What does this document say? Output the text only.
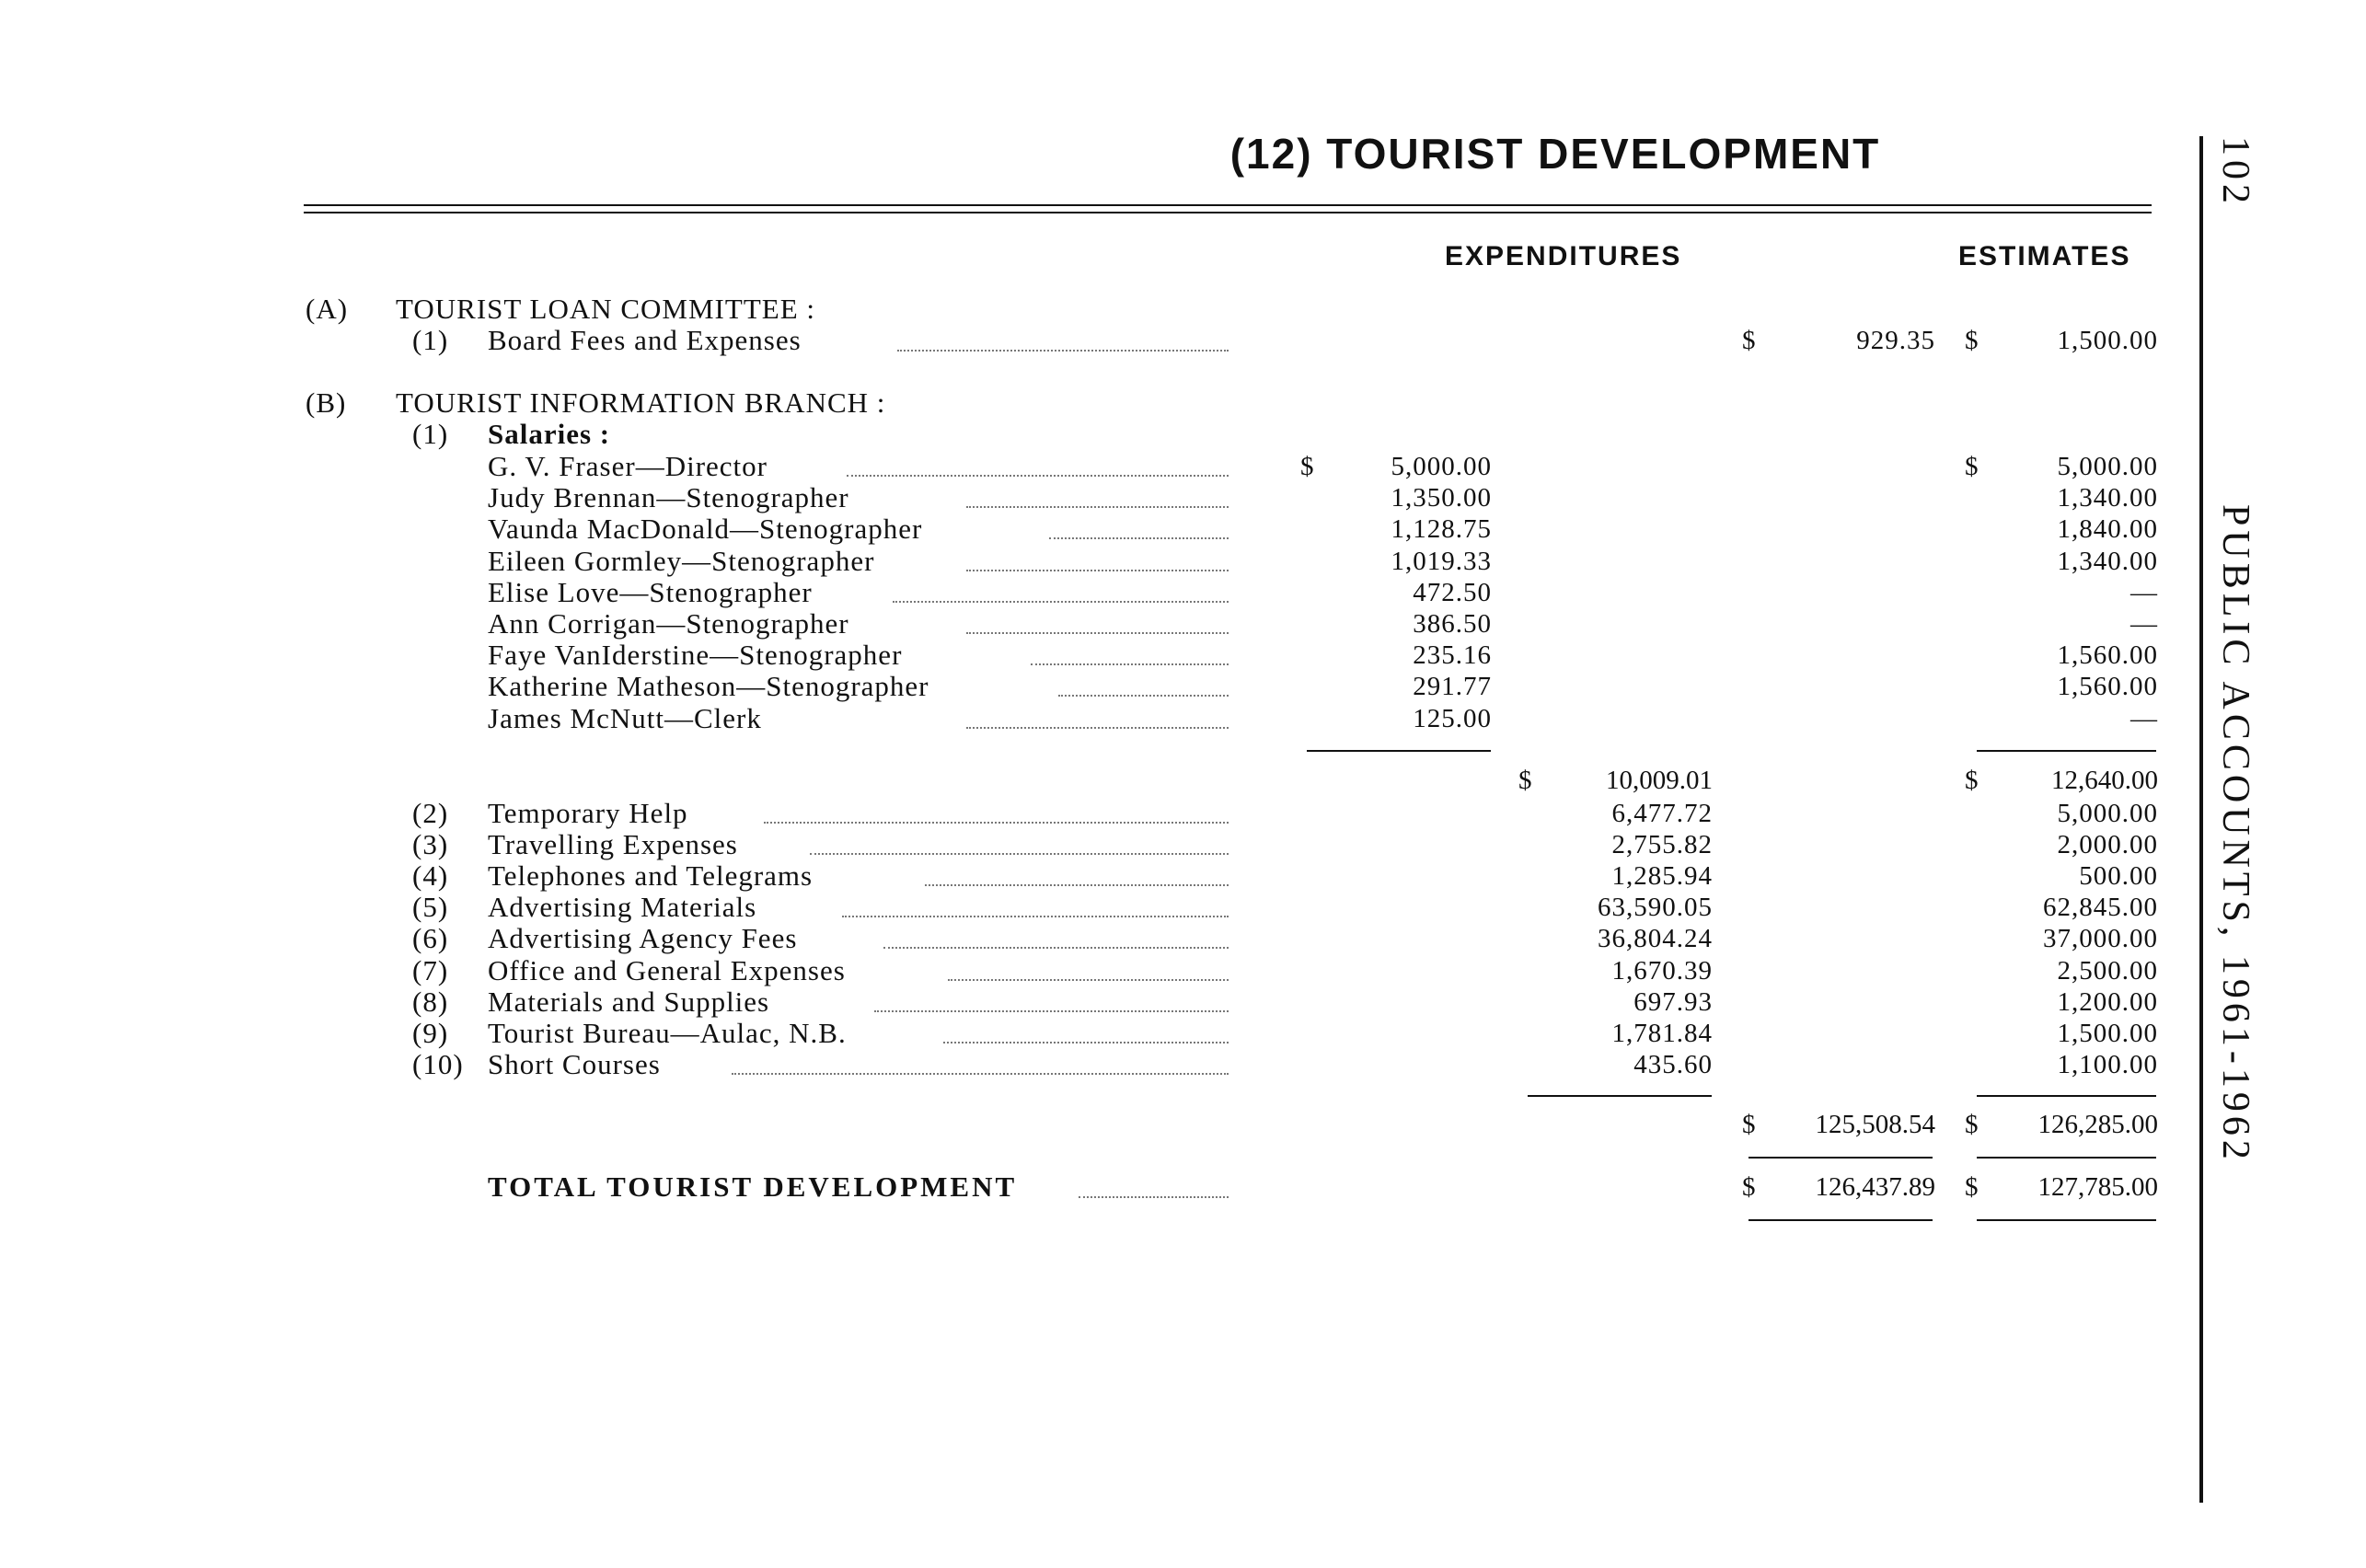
(12) TOURIST DEVELOPMENT	102
PUBLIC ACCOUNTS, 1961-1962
EXPENDITURES	ESTIMATES
(A) TOURIST LOAN COMMITTEE :
(1) Board Fees and Expenses	$	929.35 $	1,500.00
(B) TOURIST INFORMATION BRANCH :
(1) Salaries :
G. V. Fraser—Director	$	5,000.00	$	5,000.00
Judy Brennan—Stenographer	1,350.00	1,340.00
Vaunda MacDonald—Stenographer	1,128.75	1,840.00
Eileen Gormley—Stenographer	1,019.33	1,340.00
Elise Love—Stenographer	472.50	—
Ann Corrigan—Stenographer	386.50	—
Faye VanIderstine—Stenographer	235.16	1,560.00
Katherine Matheson—Stenographer	291.77	1,560.00
James McNutt—Clerk	125.00	—
$	10,009.01	$	12,640.00
(2) Temporary Help	6,477.72	5,000.00
(3) Travelling Expenses	2,755.82	2,000.00
(4) Telephones and Telegrams	1,285.94	500.00
(5) Advertising Materials	63,590.05	62,845.00
(6) Advertising Agency Fees	36,804.24	37,000.00
(7) Office and General Expenses	1,670.39	2,500.00
(8) Materials and Supplies	697.93	1,200.00
(9) Tourist Bureau—Aulac, N.B.	1,781.84	1,500.00
(10) Short Courses	435.60	1,100.00
$ 125,508.54 $ 126,285.00
TOTAL TOURIST DEVELOPMENT	$ 126,437.89 $ 127,785.00
